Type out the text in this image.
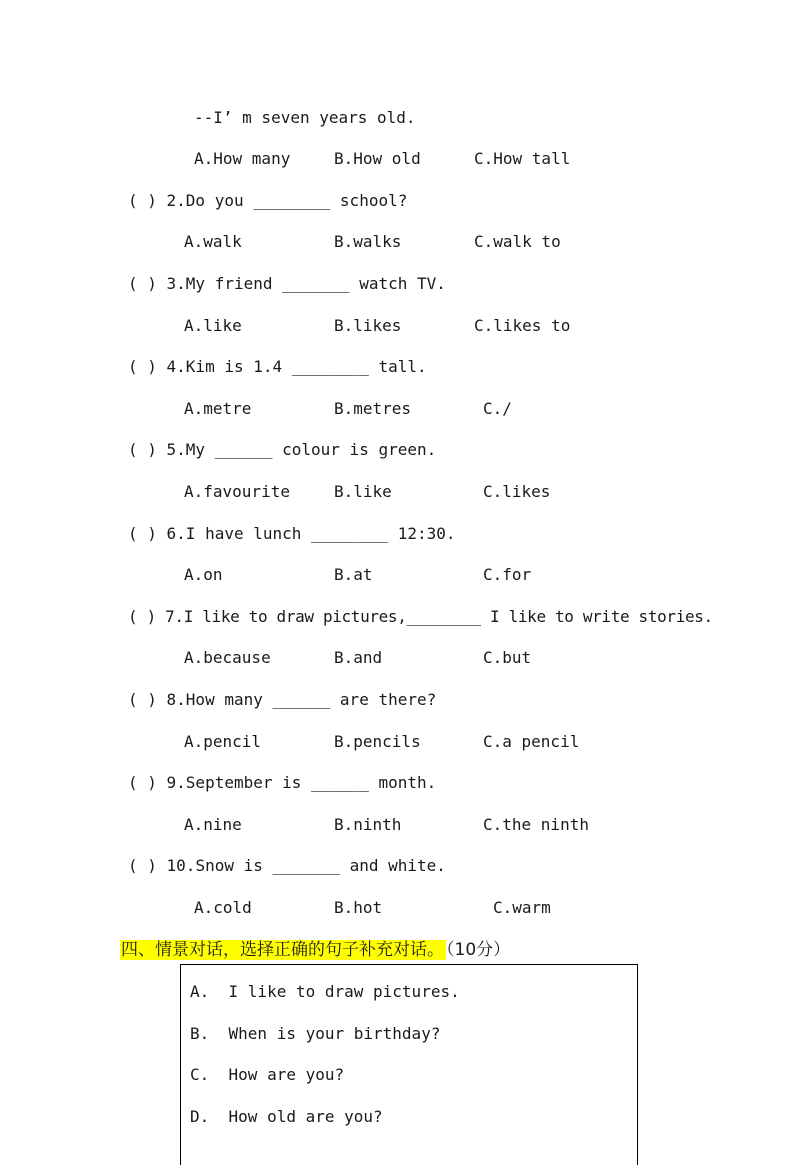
--I’ m seven years old.
A.How many	B.How old	C.How tall
( ) 2.Do you ________ school?
A.walk	B.walks	C.walk to
( ) 3.My friend _______ watch TV.
A.like	B.likes	C.likes to
( ) 4.Kim is 1.4 ________ tall.
A.metre	B.metres	C./
( ) 5.My ______ colour is green.
A.favourite	B.like	C.likes
( ) 6.I have lunch ________ 12:30.
A.on	B.at	C.for
( ) 7.I like to draw pictures,________ I like to write stories.
A.because	B.and	C.but
( ) 8.How many ______ are there?
A.pencil	B.pencils	C.a pencil
( ) 9.September is ______ month.
A.nine	B.ninth	C.the ninth
( ) 10.Snow is _______ and white.
A.cold	B.hot	C.warm
四、情景对话，选择正确的句子补充对话。 （10分）
A.  I like to draw pictures.
B.  When is your birthday?
C.  How are you?
D.  How old are you?
